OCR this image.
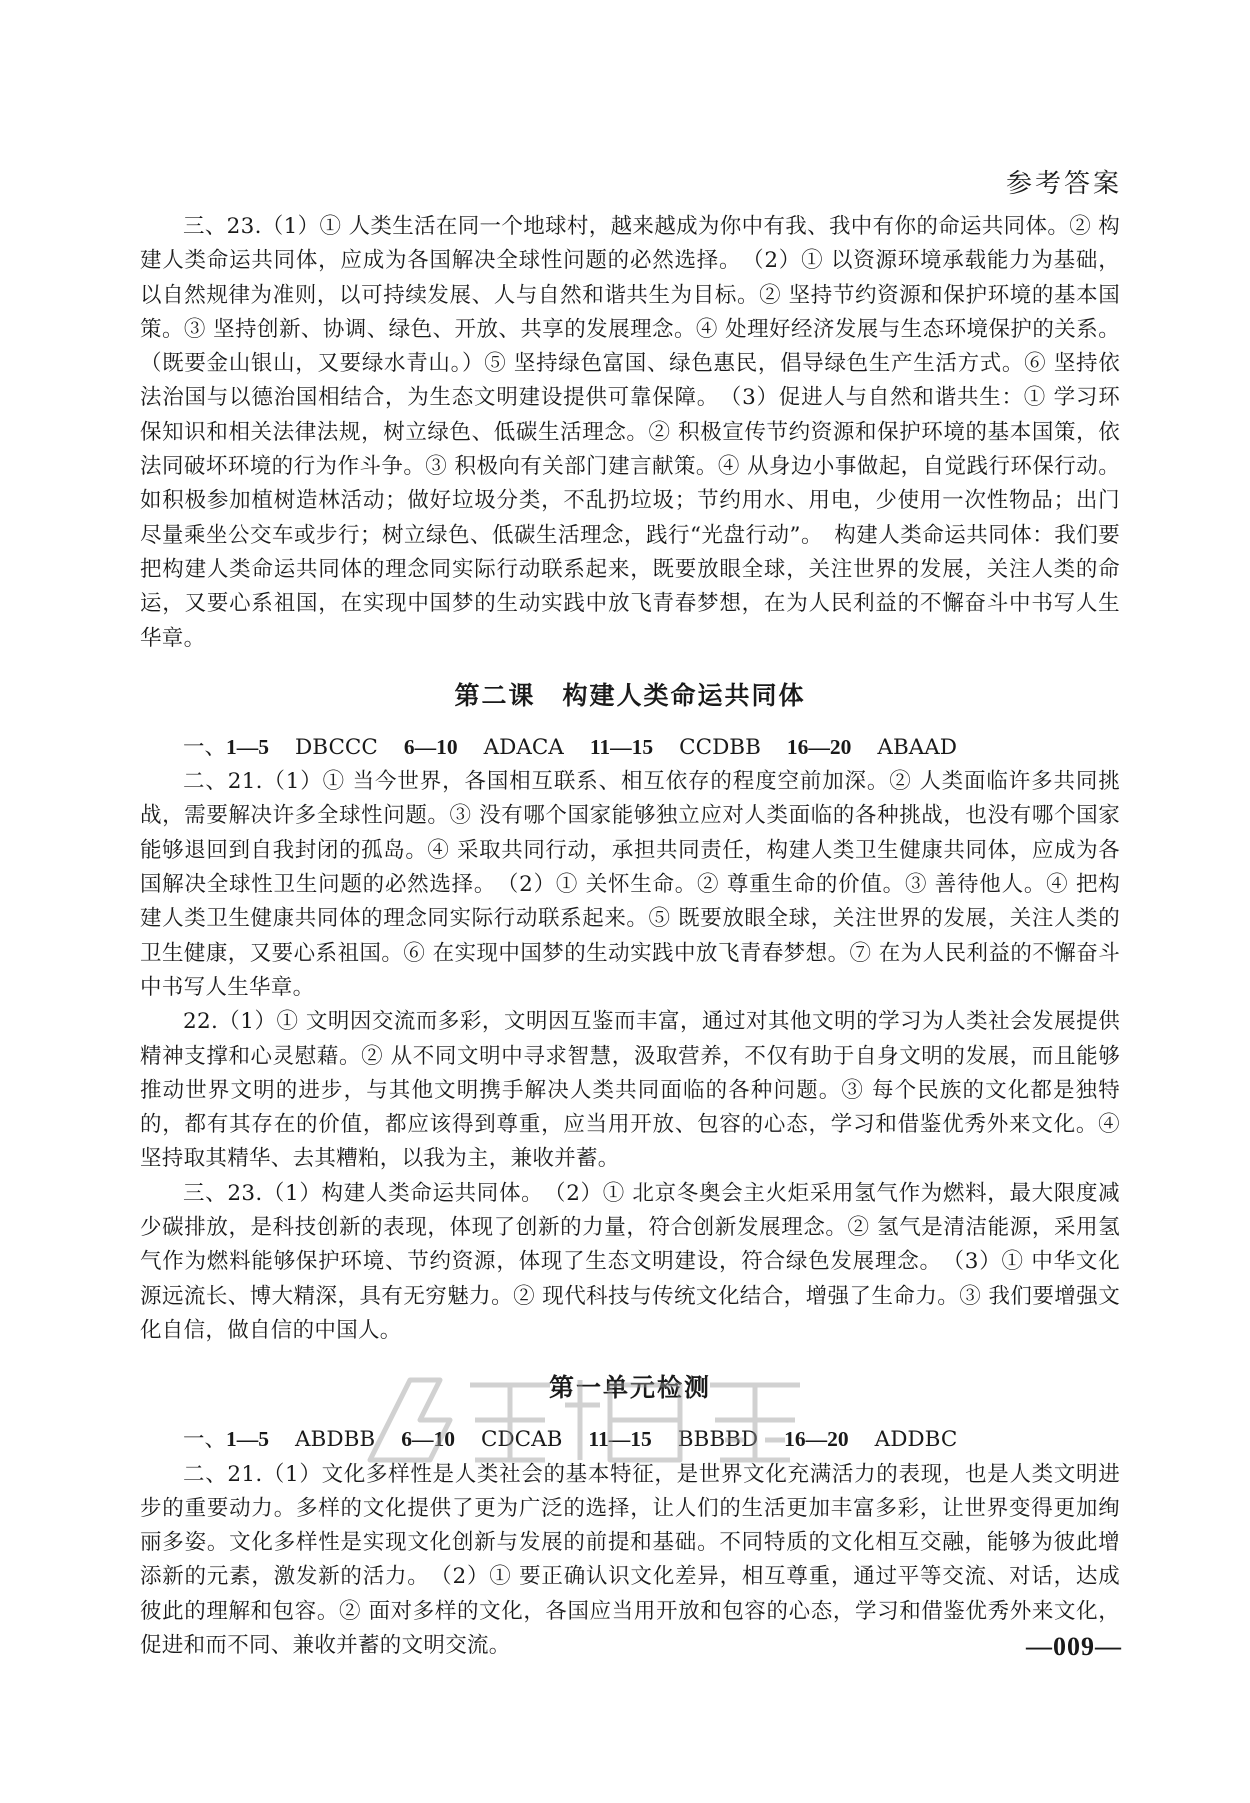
参考答案

三、23.（1）① 人类生活在同一个地球村，越来越成为你中有我、我中有你的命运共同体。② 构建人类命运共同体，应成为各国解决全球性问题的必然选择。　（2）① 以资源环境承载能力为基础，以自然规律为准则，以可持续发展、人与自然和谐共生为目标。② 坚持节约资源和保护环境的基本国策。③ 坚持创新、协调、绿色、开放、共享的发展理念。④ 处理好经济发展与生态环境保护的关系。（既要金山银山，又要绿水青山。）⑤ 坚持绿色富国、绿色惠民，倡导绿色生产生活方式。⑥ 坚持依法治国与以德治国相结合，为生态文明建设提供可靠保障。　（3）促进人与自然和谐共生：① 学习环保知识和相关法律法规，树立绿色、低碳生活理念。② 积极宣传节约资源和保护环境的基本国策，依法同破坏环境的行为作斗争。③ 积极向有关部门建言献策。④ 从身边小事做起，自觉践行环保行动。如积极参加植树造林活动；做好垃圾分类，不乱扔垃圾；节约用水、用电，少使用一次性物品；出门尽量乘坐公交车或步行；树立绿色、低碳生活理念，践行“光盘行动”。　构建人类命运共同体：我们要把构建人类命运共同体的理念同实际行动联系起来，既要放眼全球，关注世界的发展，关注人类的命运，又要心系祖国，在实现中国梦的生动实践中放飞青春梦想，在为人民利益的不懈奋斗中书写人生华章。

第二课　构建人类命运共同体
一、1—5 DBCCC 6—10 ADACA 11—15 CCDBB 16—20 ABAAD

二、21.（1）① 当今世界，各国相互联系、相互依存的程度空前加深。② 人类面临许多共同挑战，需要解决许多全球性问题。③ 没有哪个国家能够独立应对人类面临的各种挑战，也没有哪个国家能够退回到自我封闭的孤岛。④ 采取共同行动，承担共同责任，构建人类卫生健康共同体，应成为各国解决全球性卫生问题的必然选择。　（2）① 关怀生命。② 尊重生命的价值。③ 善待他人。④ 把构建人类卫生健康共同体的理念同实际行动联系起来。⑤ 既要放眼全球，关注世界的发展，关注人类的卫生健康，又要心系祖国。⑥ 在实现中国梦的生动实践中放飞青春梦想。⑦ 在为人民利益的不懈奋斗中书写人生华章。

22.（1）① 文明因交流而多彩，文明因互鉴而丰富，通过对其他文明的学习为人类社会发展提供精神支撑和心灵慰藉。② 从不同文明中寻求智慧，汲取营养，不仅有助于自身文明的发展，而且能够推动世界文明的进步，与其他文明携手解决人类共同面临的各种问题。③ 每个民族的文化都是独特的，都有其存在的价值，都应该得到尊重，应当用开放、包容的心态，学习和借鉴优秀外来文化。④ 坚持取其精华、去其糟粕，以我为主，兼收并蓄。

三、23.（1）构建人类命运共同体。　（2）① 北京冬奥会主火炬采用氢气作为燃料，最大限度减少碳排放，是科技创新的表现，体现了创新的力量，符合创新发展理念。② 氢气是清洁能源，采用氢气作为燃料能够保护环境、节约资源，体现了生态文明建设，符合绿色发展理念。　（3）① 中华文化源远流长、博大精深，具有无穷魅力。② 现代科技与传统文化结合，增强了生命力。③ 我们要增强文化自信，做自信的中国人。

第一单元检测
一、1—5 ABDBB 6—10 CDCAB 11—15 BBBBD 16—20 ADDBC

二、21.（1）文化多样性是人类社会的基本特征，是世界文化充满活力的表现，也是人类文明进步的重要动力。多样的文化提供了更为广泛的选择，让人们的生活更加丰富多彩，让世界变得更加绚丽多姿。文化多样性是实现文化创新与发展的前提和基础。不同特质的文化相互交融，能够为彼此增添新的元素，激发新的活力。　（2）① 要正确认识文化差异，相互尊重，通过平等交流、对话，达成彼此的理解和包容。② 面对多样的文化，各国应当用开放和包容的心态，学习和借鉴优秀外来文化，促进和而不同、兼收并蓄的文明交流。	—009—
